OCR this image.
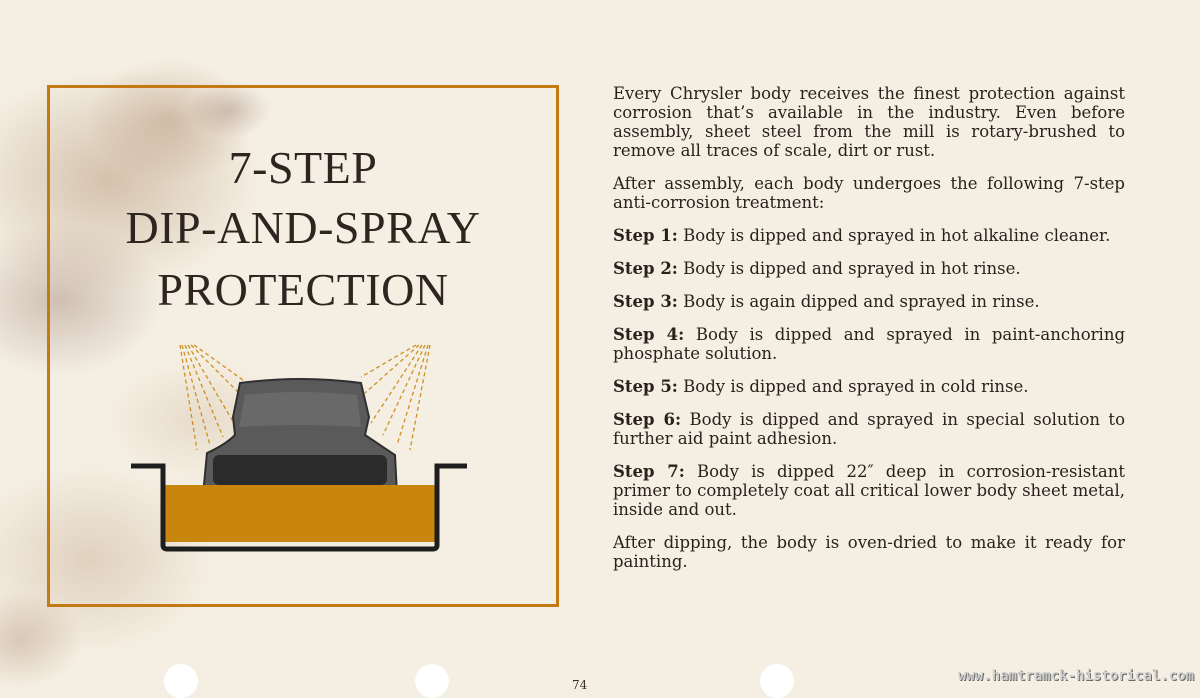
7-STEP
DIP-AND-SPRAY
PROTECTION

Every Chrysler body receives the finest protection against corrosion that’s available in the industry. Even before assembly, sheet steel from the mill is rotary-brushed to remove all traces of scale, dirt or rust.

After assembly, each body undergoes the following 7-step anti-corrosion treatment:

Step 1: Body is dipped and sprayed in hot alkaline cleaner.

Step 2: Body is dipped and sprayed in hot rinse.

Step 3: Body is again dipped and sprayed in rinse.

Step 4: Body is dipped and sprayed in paint-anchoring phosphate solution.

Step 5: Body is dipped and sprayed in cold rinse.

Step 6: Body is dipped and sprayed in special solution to further aid paint adhesion.

Step 7: Body is dipped 22″ deep in corrosion-resistant primer to completely coat all critical lower body sheet metal, inside and out.

After dipping, the body is oven-dried to make it ready for painting.

74
www.hamtramck-historical.com
